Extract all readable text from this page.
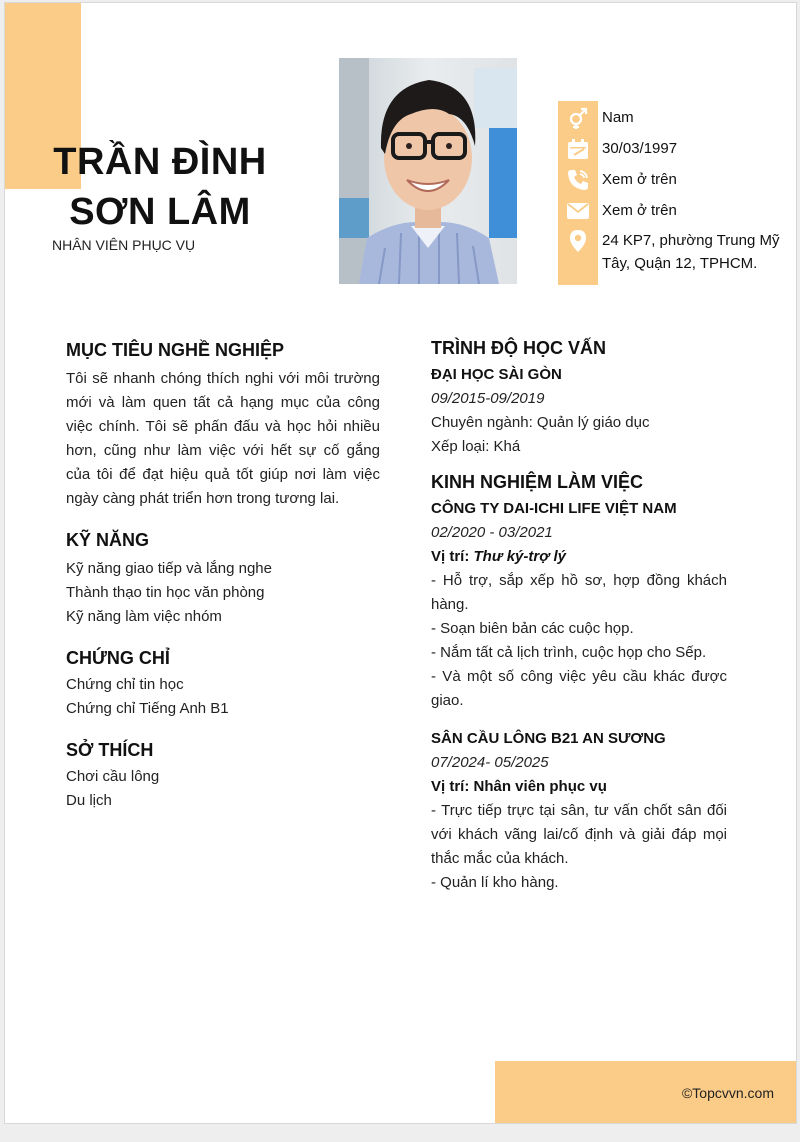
©Topcvvn.com
TRẦN ĐÌNH
SƠN LÂM
NHÂN VIÊN PHỤC VỤ
Nam
30/03/1997
Xem ở trên
Xem ở trên
24 KP7, phường Trung Mỹ Tây, Quận 12, TPHCM.
MỤC TIÊU NGHỀ NGHIỆP
Tôi sẽ nhanh chóng thích nghi với môi trường mới và làm quen tất cả hạng mục của công việc chính. Tôi sẽ phấn đấu và học hỏi nhiều hơn, cũng như làm việc với hết sự cố gắng của tôi để đạt hiệu quả tốt giúp nơi làm việc ngày càng phát triển hơn trong tương lai.
KỸ NĂNG
Kỹ năng giao tiếp và lắng nghe
Thành thạo tin học văn phòng
Kỹ năng làm việc nhóm
CHỨNG CHỈ
Chứng chỉ tin học
Chứng chỉ Tiếng Anh B1
SỞ THÍCH
Chơi cầu lông
Du lịch
TRÌNH ĐỘ HỌC VẤN
ĐẠI HỌC SÀI GÒN
09/2015-09/2019
Chuyên ngành: Quản lý giáo dục
Xếp loại: Khá
KINH NGHIỆM LÀM VIỆC
CÔNG TY DAI-ICHI LIFE VIỆT NAM
02/2020 - 03/2021
Vị trí: Thư ký-trợ lý
- Hỗ trợ, sắp xếp hồ sơ, hợp đồng khách hàng.
- Soạn biên bản các cuộc họp.
- Nắm tất cả lịch trình, cuộc họp cho Sếp.
- Và một số công việc yêu cầu khác được giao.
SÂN CẦU LÔNG B21 AN SƯƠNG
07/2024- 05/2025
Vị trí: Nhân viên phục vụ
- Trực tiếp trực tại sân, tư vấn chốt sân đối với khách vãng lai/cố định và giải đáp mọi thắc mắc của khách.
- Quản lí kho hàng.
